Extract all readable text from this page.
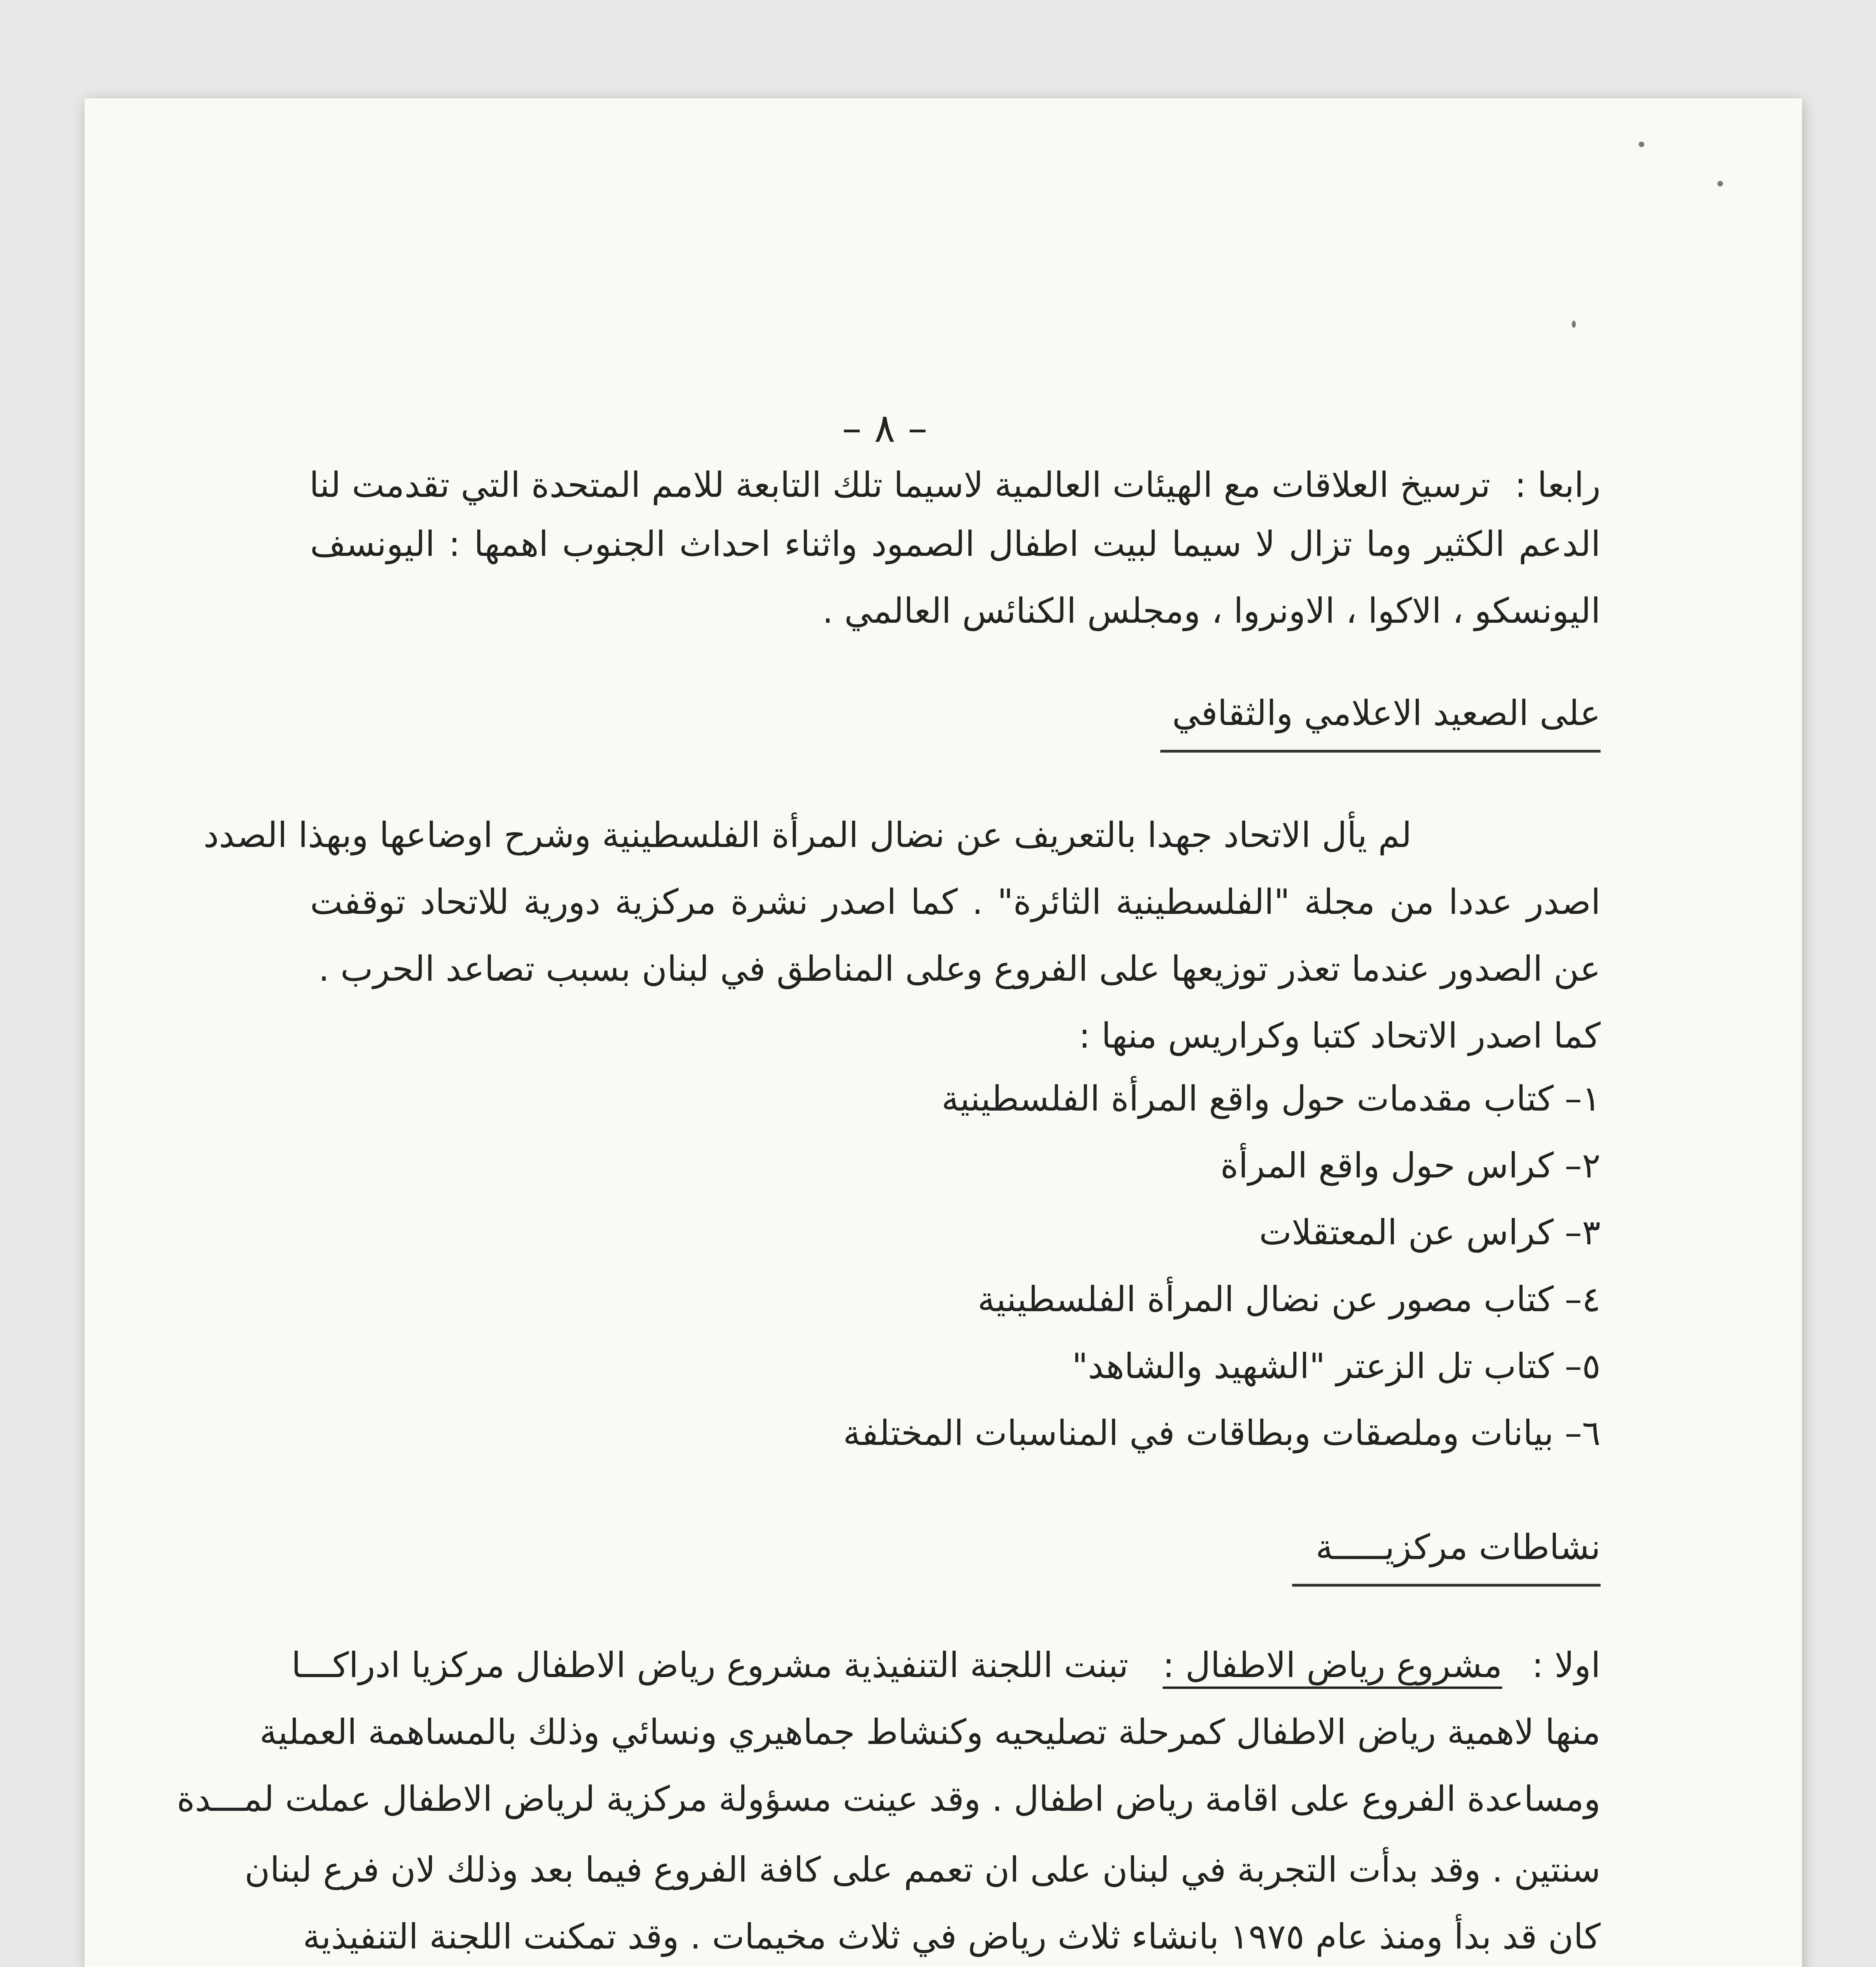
– ٨ –
رابعا :
ترسيخ العلاقات مع الهيئات العالمية لاسيما تلك التابعة للامم المتحدة التي تقدمت لنا
الدعم الكثير وما تزال لا سيما لبيت اطفال الصمود واثناء احداث الجنوب اهمها : اليونسف
اليونسكو ، الاكوا ، الاونروا ، ومجلس الكنائس العالمي .
على الصعيد الاعلامي والثقافي
لم يأل الاتحاد جهدا بالتعريف عن نضال المرأة الفلسطينية وشرح اوضاعها وبهذا الصدد
اصدر عددا من مجلة "الفلسطينية الثائرة" . كما اصدر نشرة مركزية دورية للاتحاد توقفت
عن الصدور عندما تعذر توزيعها على الفروع وعلى المناطق في لبنان بسبب تصاعد الحرب .
كما اصدر الاتحاد كتبا وكراريس منها :
١– كتاب مقدمات حول واقع المرأة الفلسطينية
٢– كراس حول واقع المرأة
٣– كراس عن المعتقلات
٤– كتاب مصور عن نضال المرأة الفلسطينية
٥– كتاب تل الزعتر "الشهيد والشاهد"
٦– بيانات وملصقات وبطاقات في المناسبات المختلفة
نشاطات مركزيـــــة
اولا :
مشروع رياض الاطفال :
تبنت اللجنة التنفيذية مشروع رياض الاطفال مركزيا ادراكـــا
منها لاهمية رياض الاطفال كمرحلة تصليحيه وكنشاط جماهيري ونسائي وذلك بالمساهمة العملية
ومساعدة الفروع على اقامة رياض اطفال . وقد عينت مسؤولة مركزية لرياض الاطفال عملت لمـــدة
سنتين . وقد بدأت التجربة في لبنان على ان تعمم على كافة الفروع فيما بعد وذلك لان فرع لبنان
كان قد بدأ ومنذ عام ١٩٧٥ بانشاء ثلاث رياض في ثلاث مخيمات . وقد تمكنت اللجنة التنفيذية
